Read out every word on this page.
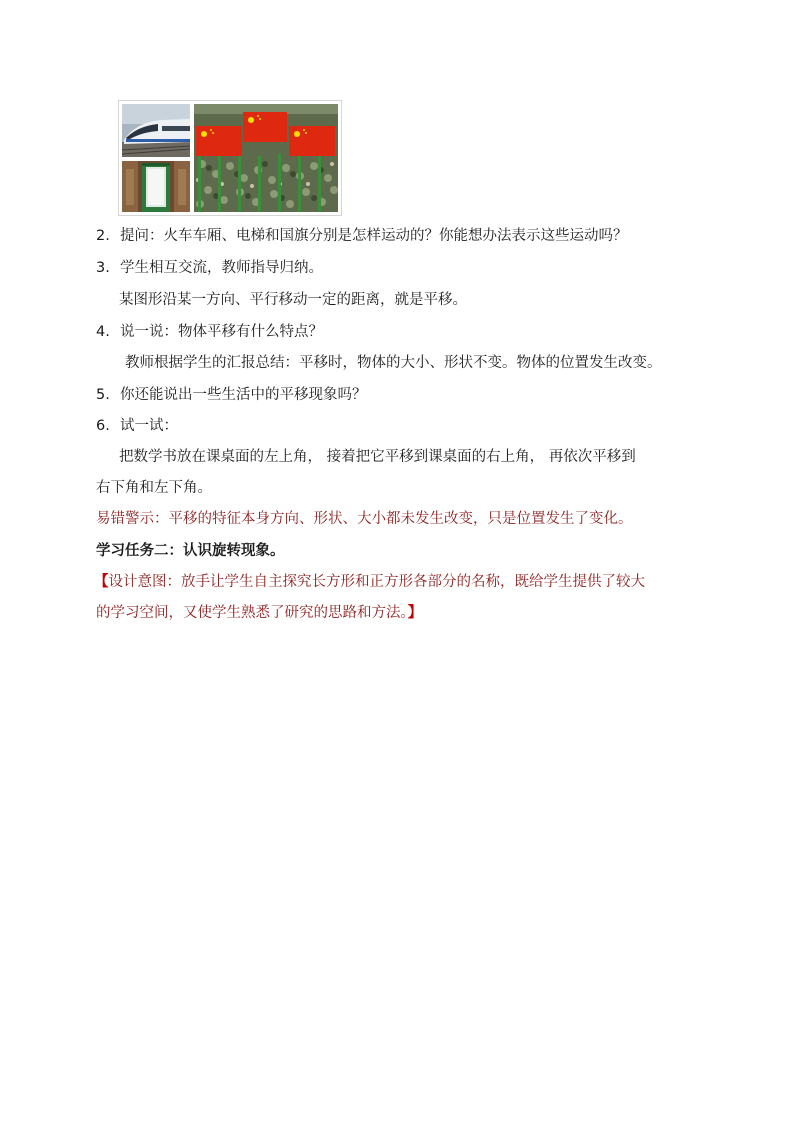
2. 提问：火车车厢、电梯和国旗分别是怎样运动的？你能想办法表示这些运动吗？

3. 学生相互交流，教师指导归纳。

某图形沿某一方向、平行移动一定的距离，就是平移。

4. 说一说：物体平移有什么特点？

教师根据学生的汇报总结：平移时，物体的大小、形状不变。物体的位置发生改变。

5. 你还能说出一些生活中的平移现象吗？

6. 试一试：

把数学书放在课桌面的左上角， 接着把它平移到课桌面的右上角， 再依次平移到

右下角和左下角。

易错警示：平移的特征本身方向、形状、大小都未发生改变，只是位置发生了变化。

学习任务二：认识旋转现象。

【设计意图：放手让学生自主探究长方形和正方形各部分的名称，既给学生提供了较大

的学习空间，又使学生熟悉了研究的思路和方法。】
